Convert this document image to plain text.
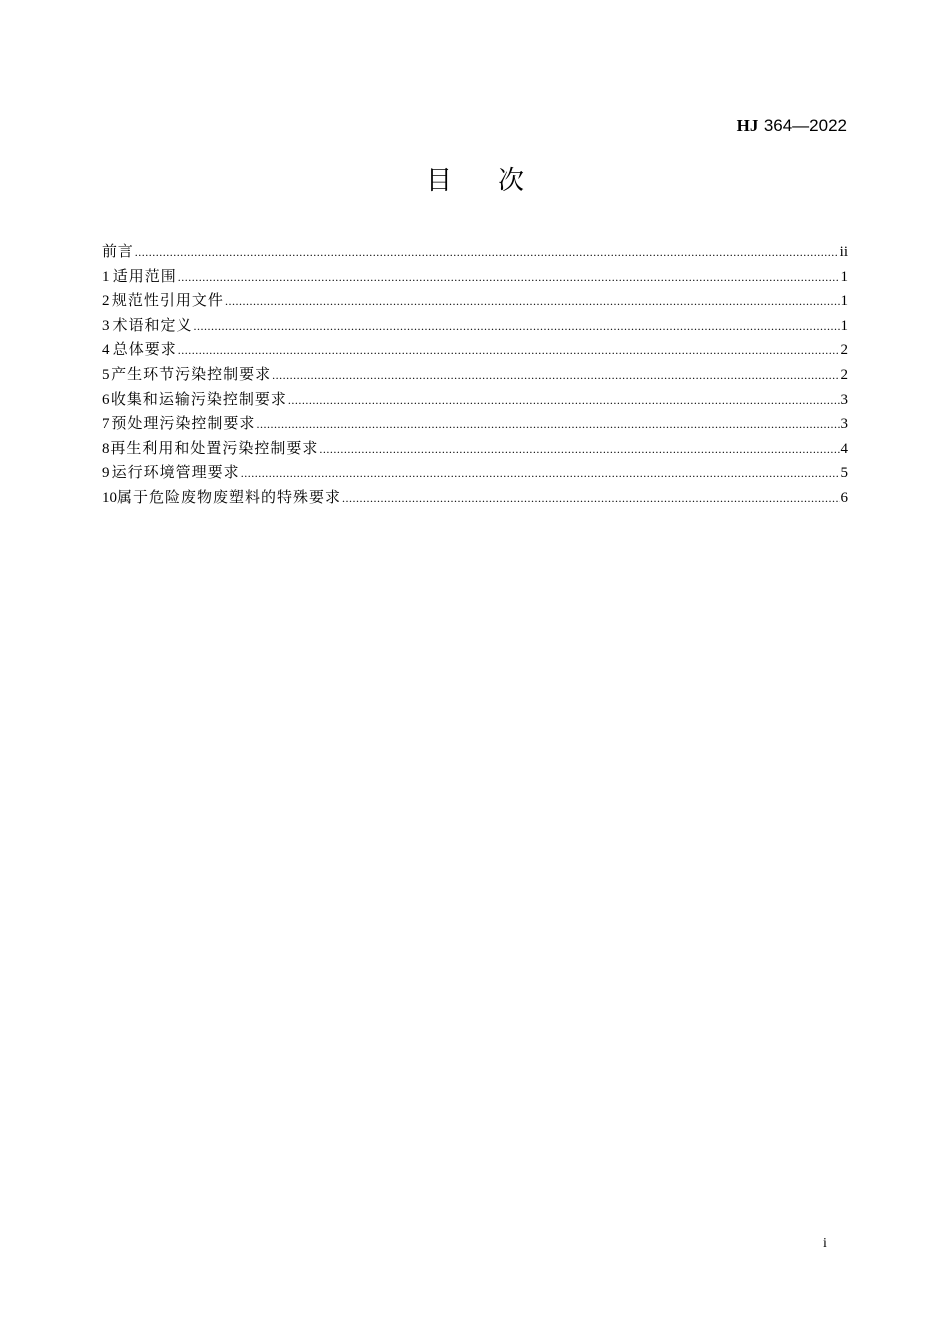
HJ 364—2022
目次
前 言 .....	ii
1 适用范围 .....	1
2 规范性引用文件 .....	1
3 术语和定义 .....	1
4 总体要求 .....	2
5 产生环节污染控制要求 .....	2
6 收集和运输污染控制要求 .....	3
7 预处理污染控制要求 .....	3
8 再生利用和处置污染控制要求 .....	4
9 运行环境管理要求 .....	5
10 属于危险废物废塑料的特殊要求 .....	6
i
